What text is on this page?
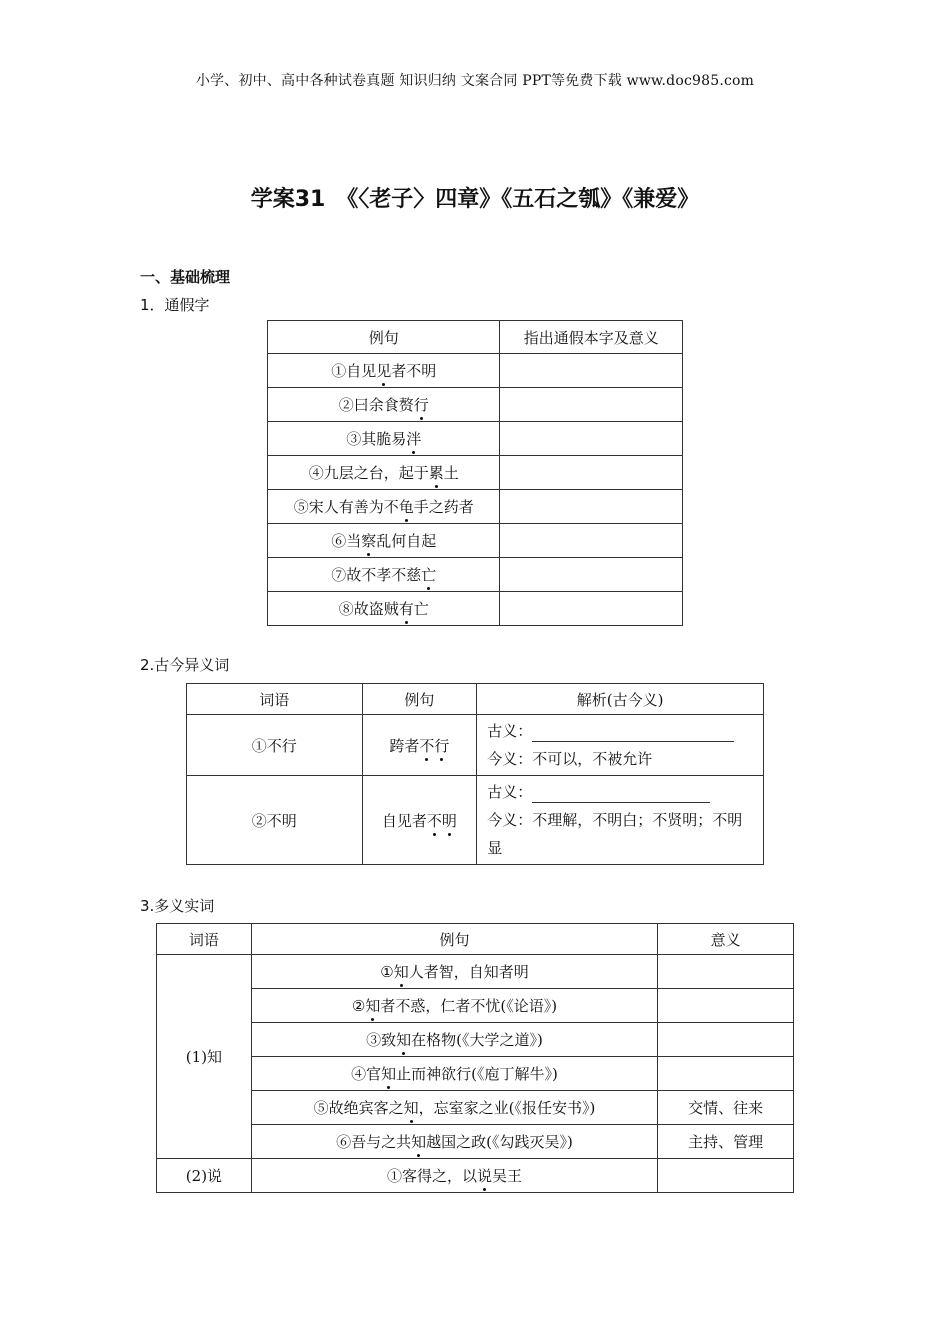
小学、初中、高中各种试卷真题 知识归纳 文案合同 PPT等免费下载 www.doc985.com
学案31　《〈老子〉四章》《五石之瓠》《兼爱》
一、基础梳理
1．通假字
例句	指出通假本字及意义
①自见见者不明	
②曰余食赘行	
③其脆易泮	
④九层之台，起于累土	
⑤宋人有善为不龟手之药者	
⑥当察乱何自起	
⑦故不孝不慈亡	
⑧故盗贼有亡	
2.古今异义词
词语	例句	解析(古今义)
①不行	跨者不行	古义：
今义：不可以，不被允许

②不明	自见者不明	古义：
今义：不理解，不明白；不贤明；不明显
3.多义实词
词语	例句	意义
(1)知	①知人者智，自知者明	
	②知者不惑，仁者不忧(《论语》)	
	③致知在格物(《大学之道》)	
	④官知止而神欲行(《庖丁解牛》)	
	⑤故绝宾客之知，忘室家之业(《报任安书》)	交情、往来
	⑥吾与之共知越国之政(《勾践灭吴》)	主持、管理
(2)说	①客得之，以说吴王	
